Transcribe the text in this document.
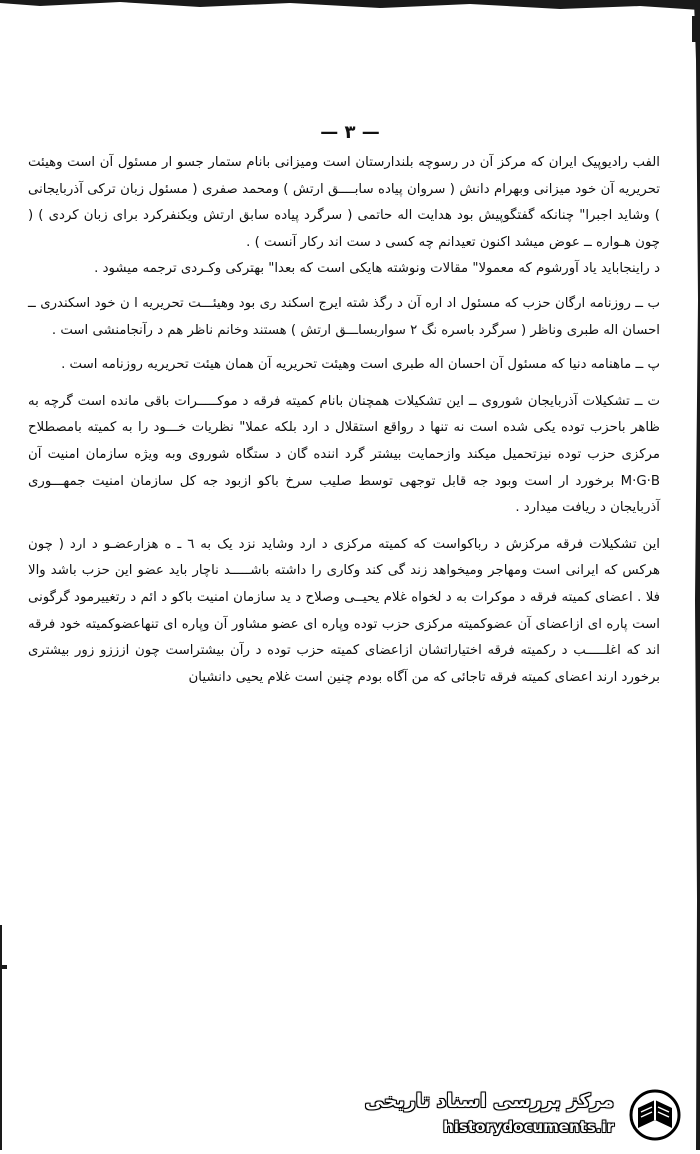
— ۳ —

الفب رادیوپیک ایران که مرکز آن در رسوچه بلندارستان است ومیزانی بانام ستمار جسو ار مسئول آن است وهیئت تحریریه آن خود میزانی وبهرام دانش ( سروان پیاده سابــــق ارتش ) ومحمد صفری ( مسئول زبان ترکی آذربایجانی ) وشاید اجبرا" چنانکه گفتگوپیش بود هدایت اله حاتمی ( سرگرد پیاده سابق ارتش ویکنفرکرد برای زبان کردی ) ( چون هـواره ــ عوض میشد اکنون تعیدانم چه کسی د ست اند رکار آنست ) .

د راینجاباید یاد آورشوم که معمولا" مقالات ونوشته هایکی است که بعدا" بهترکی وکـردی ترجمه میشود .

ب ــ روزنامه ارگان حزب که مسئول اد اره آن د رگذ شته ایرج اسکند ری بود وهیئـــت تحریریه ا ن خود اسکندری ــ احسان اله طبری وناظر ( سرگرد باسره نگ ۲ سواربساـــق ارتش ) هستند وخانم ناظر هم د رآنجامنشی است .

پ ــ ماهنامه دنیا که مسئول آن احسان اله طبری است وهیئت تحریریه آن همان هیئت تحریریه روزنامه است .

ت ــ تشکیلات آذربایجان شوروی ــ این تشکیلات همچنان بانام کمیته فرقه د موکـــــرات باقی مانده است گرچه به ظاهر باحزب توده یکی شده است نه تنها د رواقع استقلال د ارد بلکه عملا" نظریات خـــود را به کمیته بامصطلاح مرکزی حزب توده نیزتحمیل میکند وازحمایت بیشتر گرد اننده گان د ستگاه شوروی وبه ویژه سازمان امنیت آن M·G·B برخورد ار است وبود جه قابل توجهی توسط صلیب سرخ باکو ازبود جه کل سازمان امنیت جمهـــوری آذربایجان د ریافت میدارد .

این تشکیلات فرقه مرکزش د رباکواست که کمیته مرکزی د ارد وشاید نزد یک به ٦ ـ ه هزارعضـو د ارد ( چون هرکس که ایرانی است ومهاجر ومیخواهد زند گی کند وکاری را داشته باشـــــد ناچار باید عضو این حزب باشد والا فلا . اعضای کمیته فرقه د موکرات به د لخواه غلام یحیــی وصلاح د ید سازمان امنیت باکو د ائم د رتغییرمود گرگونی است پاره ای ازاعضای آن عضوکمیته مرکزی حزب توده وپاره ای عضو مشاور آن وپاره ای تنهاعضوکمیته خود فرقه اند که اغلـــــب د رکمیته فرقه اختیاراتشان ازاعضای کمیته حزب توده د رآن بیشتراست چون ازززو زور بیشتری برخورد ارند اعضای کمیته فرقه تاجائی که من آگاه بودم چنین است غلام یحیی دانشیان

مرکز بررسی اسناد تاریخی
historydocuments.ir
